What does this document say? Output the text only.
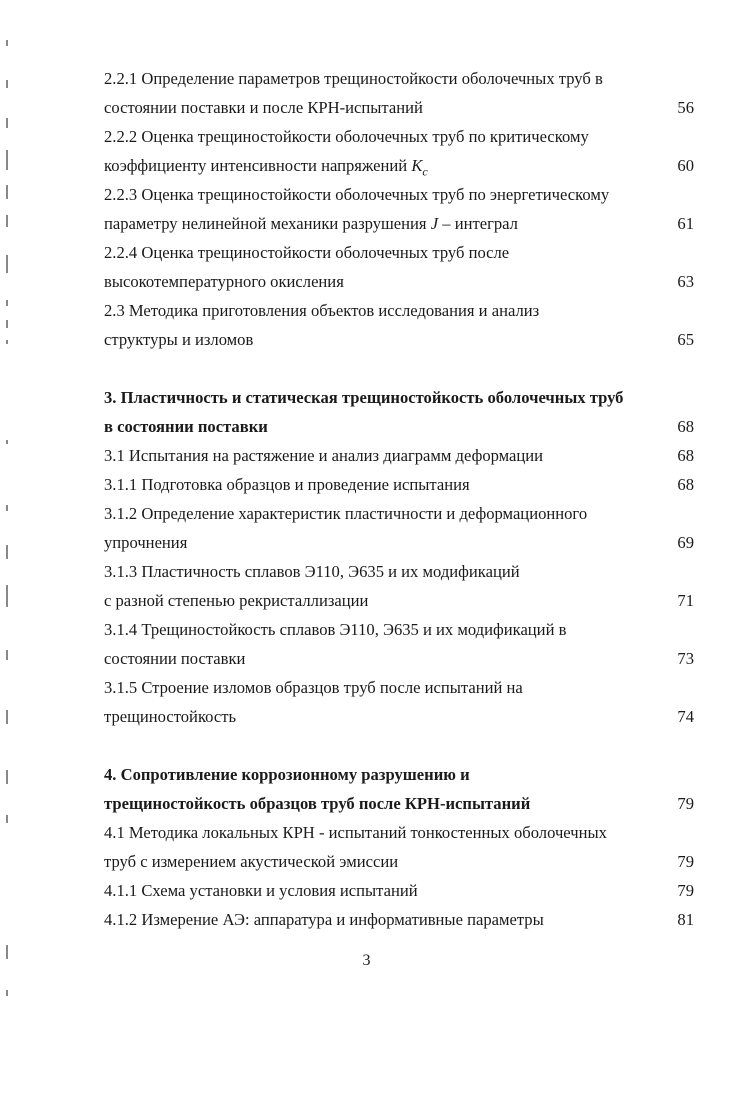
2.2.1 Определение параметров трещиностойкости оболочечных труб в
состоянии поставки и после КРН-испытаний	56
2.2.2 Оценка трещиностойкости оболочечных труб по критическому
коэффициенту интенсивности напряжений $K_c$	60
2.2.3 Оценка трещиностойкости оболочечных труб по энергетическому
параметру нелинейной механики разрушения J – интеграл	61
2.2.4 Оценка трещиностойкости оболочечных труб после
высокотемпературного окисления	63
2.3 Методика приготовления объектов исследования и анализ
структуры и изломов	65
3. Пластичность и статическая трещиностойкость оболочечных труб
в состоянии поставки	68
3.1 Испытания на растяжение и анализ диаграмм деформации	68
3.1.1 Подготовка образцов и проведение испытания	68
3.1.2 Определение характеристик пластичности и деформационного
упрочнения	69
3.1.3 Пластичность сплавов Э110, Э635 и их модификаций
с разной степенью рекристаллизации	71
3.1.4 Трещиностойкость сплавов Э110, Э635 и их модификаций в
состоянии поставки	73
3.1.5 Строение изломов образцов труб после испытаний на
трещиностойкость	74
4. Сопротивление коррозионному разрушению и
трещиностойкость образцов труб после КРН-испытаний	79
4.1 Методика локальных КРН - испытаний тонкостенных оболочечных
труб с измерением акустической эмиссии	79
4.1.1 Схема установки и условия испытаний	79
4.1.2 Измерение АЭ: аппаратура и информативные параметры	81
3
